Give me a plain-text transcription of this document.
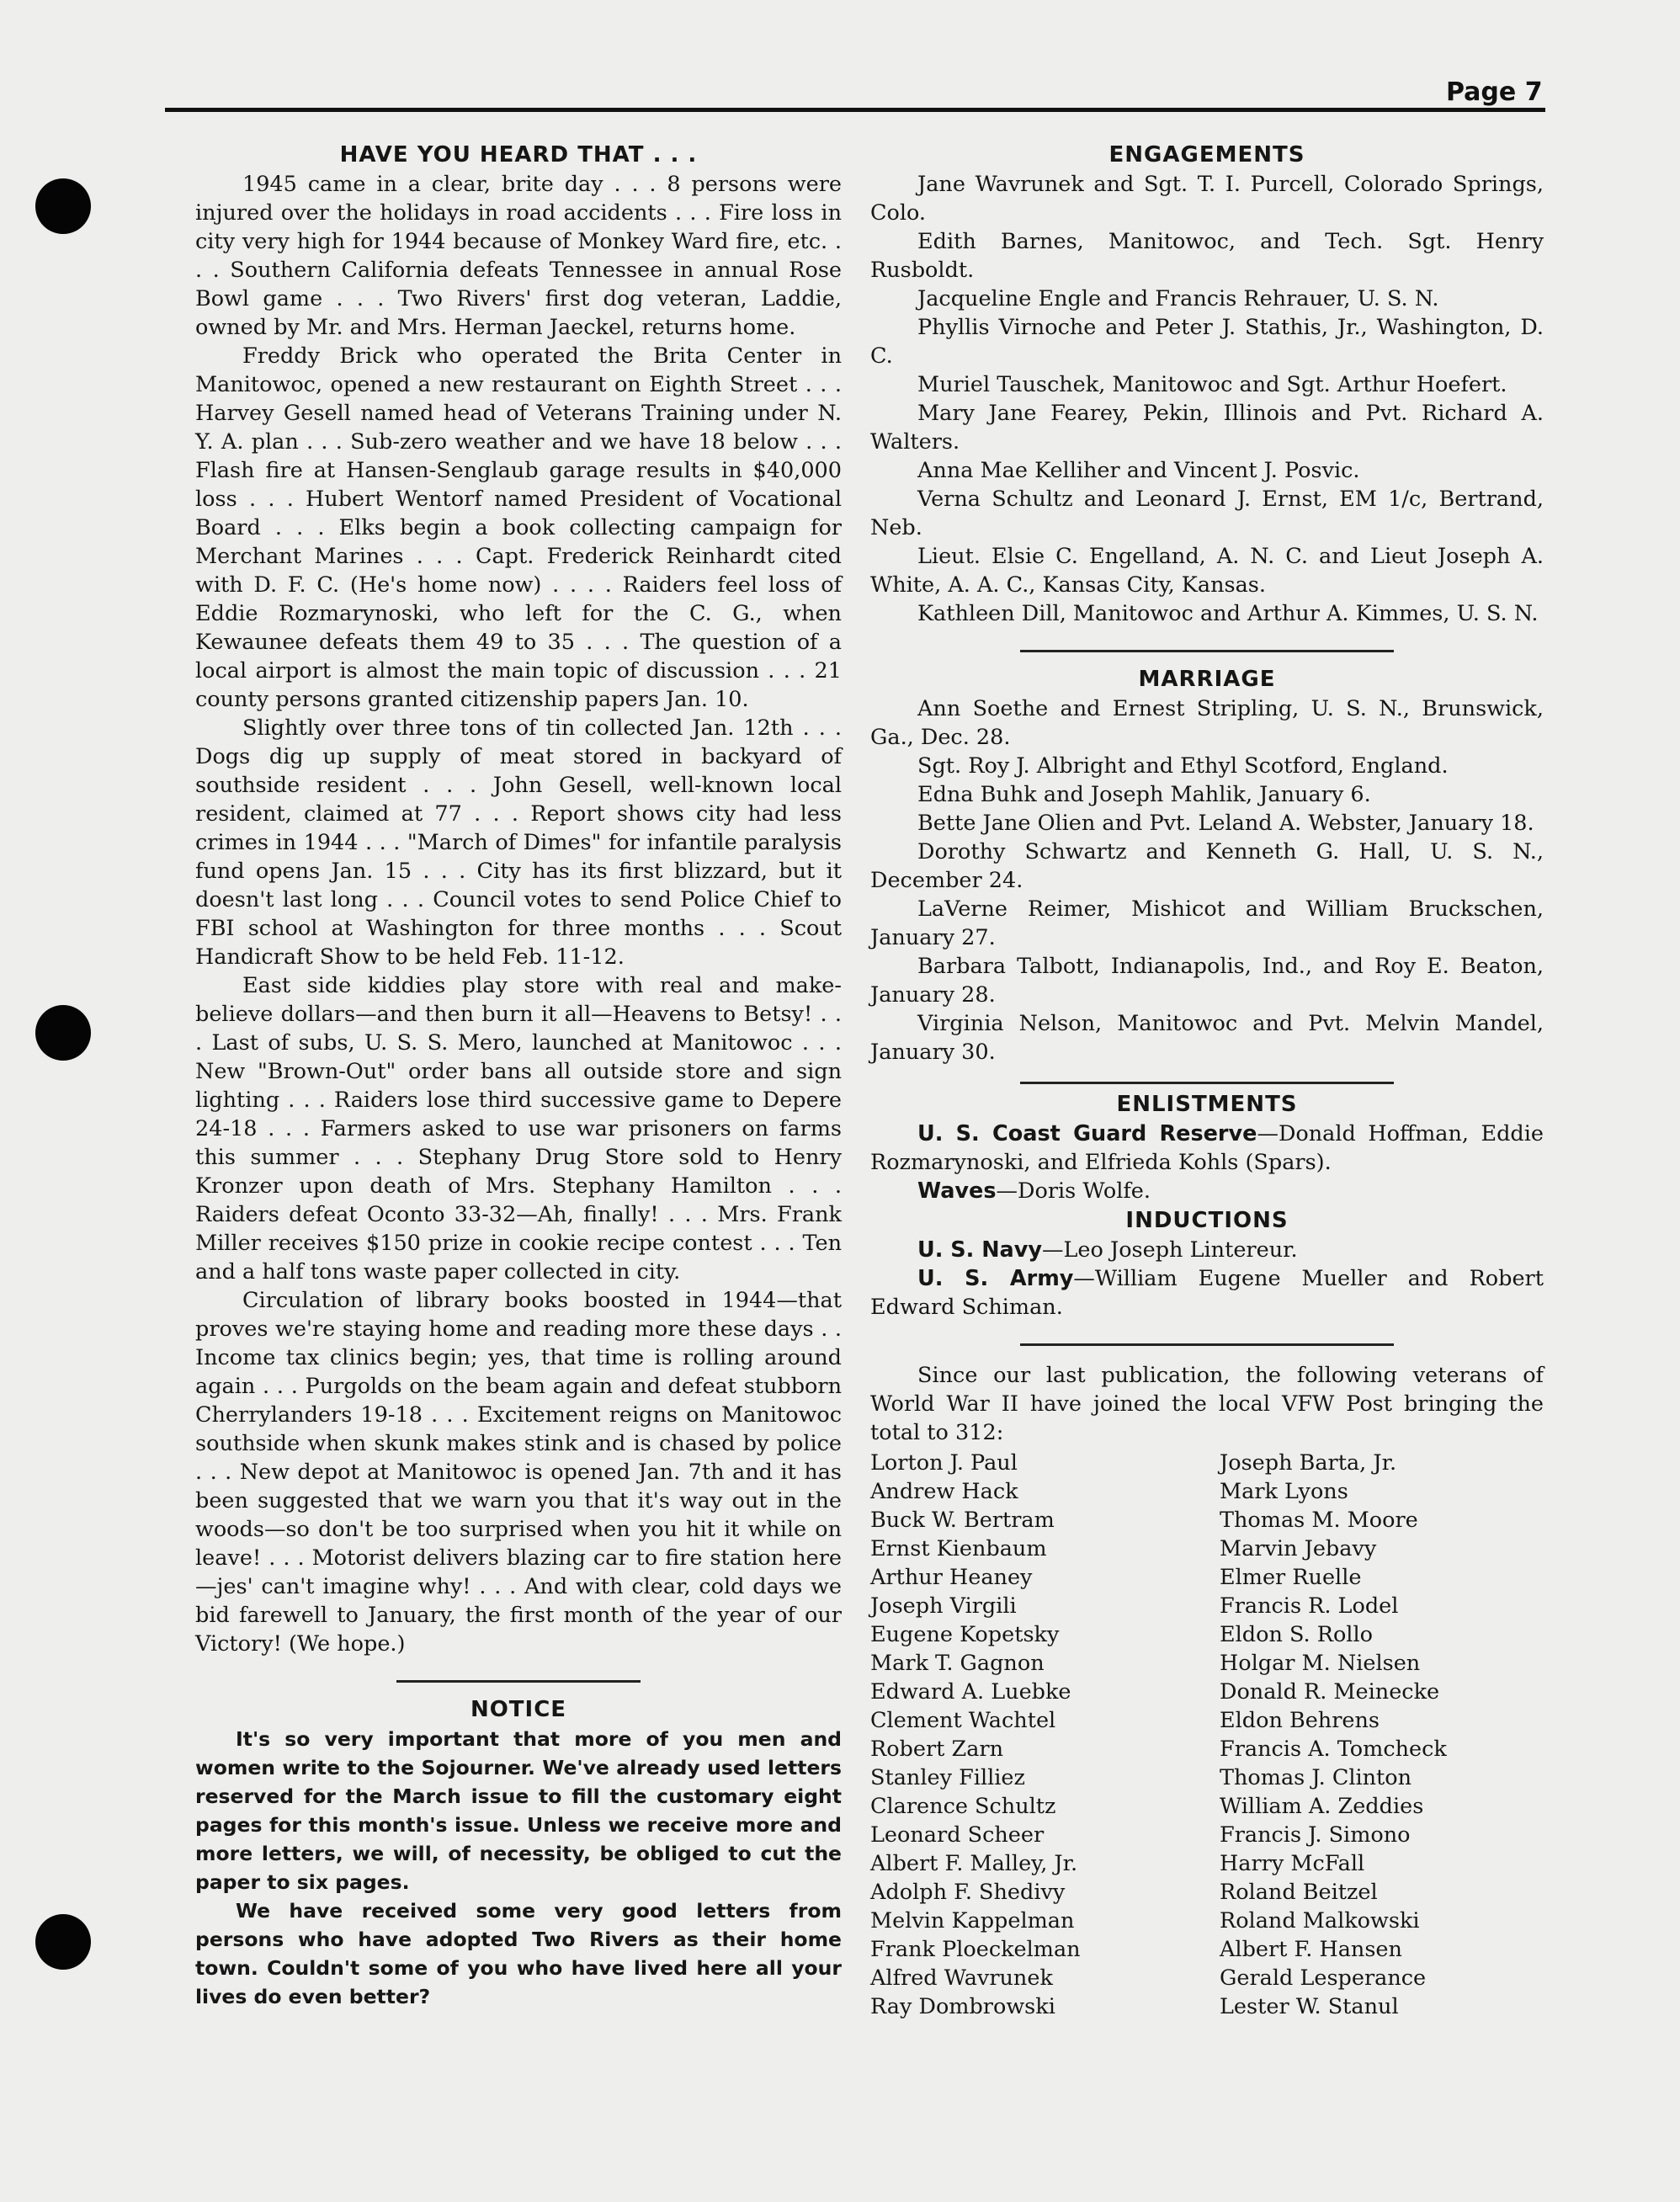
Page 7
HAVE YOU HEARD THAT . . .

1945 came in a clear, brite day . . . 8 persons were injured over the holidays in road accidents . . . Fire loss in city very high for 1944 because of Monkey Ward fire, etc. . . . Southern California defeats Tennessee in annual Rose Bowl game . . . Two Rivers' first dog veteran, Laddie, owned by Mr. and Mrs. Herman Jaeckel, returns home.

Freddy Brick who operated the Brita Center in Manitowoc, opened a new restaurant on Eighth Street . . . Harvey Gesell named head of Veterans Training under N. Y. A. plan . . . Sub-zero weather and we have 18 below . . . Flash fire at Hansen-Senglaub garage results in $40,000 loss . . . Hubert Wentorf named President of Vocational Board . . . Elks begin a book collecting campaign for Merchant Marines . . . Capt. Frederick Reinhardt cited with D. F. C. (He's home now) . . . . Raiders feel loss of Eddie Rozmarynoski, who left for the C. G., when Kewaunee defeats them 49 to 35 . . . The question of a local airport is almost the main topic of discussion . . . 21 county persons granted citizenship papers Jan. 10.

Slightly over three tons of tin collected Jan. 12th . . . Dogs dig up supply of meat stored in backyard of southside resident . . . John Gesell, well-known local resident, claimed at 77 . . . Report shows city had less crimes in 1944 . . . "March of Dimes" for infantile paralysis fund opens Jan. 15 . . . City has its first blizzard, but it doesn't last long . . . Council votes to send Police Chief to FBI school at Washington for three months . . . Scout Handicraft Show to be held Feb. 11-12.

East side kiddies play store with real and make-believe dollars—and then burn it all—Heavens to Betsy! . . . Last of subs, U. S. S. Mero, launched at Manitowoc . . . New "Brown-Out" order bans all outside store and sign lighting . . . Raiders lose third successive game to Depere 24-18 . . . Farmers asked to use war prisoners on farms this summer . . . Stephany Drug Store sold to Henry Kronzer upon death of Mrs. Stephany Hamilton . . . Raiders defeat Oconto 33-32—Ah, finally! . . . Mrs. Frank Miller receives $150 prize in cookie recipe contest . . . Ten and a half tons waste paper collected in city.

Circulation of library books boosted in 1944—that proves we're staying home and reading more these days . . Income tax clinics begin; yes, that time is rolling around again . . . Purgolds on the beam again and defeat stubborn Cherrylanders 19-18 . . . Excitement reigns on Manitowoc southside when skunk makes stink and is chased by police . . . New depot at Manitowoc is opened Jan. 7th and it has been suggested that we warn you that it's way out in the woods—so don't be too surprised when you hit it while on leave! . . . Motorist delivers blazing car to fire station here—jes' can't imagine why! . . . And with clear, cold days we bid farewell to January, the first month of the year of our Victory! (We hope.)

NOTICE

It's so very important that more of you men and women write to the Sojourner. We've already used letters reserved for the March issue to fill the customary eight pages for this month's issue. Unless we receive more and more letters, we will, of necessity, be obliged to cut the paper to six pages.

We have received some very good letters from persons who have adopted Two Rivers as their home town. Couldn't some of you who have lived here all your lives do even better?

ENGAGEMENTS

Jane Wavrunek and Sgt. T. I. Purcell, Colorado Springs, Colo.

Edith Barnes, Manitowoc, and Tech. Sgt. Henry Rusboldt.

Jacqueline Engle and Francis Rehrauer, U. S. N.

Phyllis Virnoche and Peter J. Stathis, Jr., Washington, D. C.

Muriel Tauschek, Manitowoc and Sgt. Arthur Hoefert.

Mary Jane Fearey, Pekin, Illinois and Pvt. Richard A. Walters.

Anna Mae Kelliher and Vincent J. Posvic.

Verna Schultz and Leonard J. Ernst, EM 1/c, Bertrand, Neb.

Lieut. Elsie C. Engelland, A. N. C. and Lieut Joseph A. White, A. A. C., Kansas City, Kansas.

Kathleen Dill, Manitowoc and Arthur A. Kimmes, U. S. N.

MARRIAGE

Ann Soethe and Ernest Stripling, U. S. N., Brunswick, Ga., Dec. 28.

Sgt. Roy J. Albright and Ethyl Scotford, England.

Edna Buhk and Joseph Mahlik, January 6.

Bette Jane Olien and Pvt. Leland A. Webster, January 18.

Dorothy Schwartz and Kenneth G. Hall, U. S. N., December 24.

LaVerne Reimer, Mishicot and William Bruckschen, January 27.

Barbara Talbott, Indianapolis, Ind., and Roy E. Beaton, January 28.

Virginia Nelson, Manitowoc and Pvt. Melvin Mandel, January 30.

ENLISTMENTS

U. S. Coast Guard Reserve—Donald Hoffman, Eddie Rozmarynoski, and Elfrieda Kohls (Spars).

Waves—Doris Wolfe.

INDUCTIONS

U. S. Navy—Leo Joseph Lintereur.

U. S. Army—William Eugene Mueller and Robert Edward Schiman.

Since our last publication, the following veterans of World War II have joined the local VFW Post bringing the total to 312:

Lorton J. Paul
Andrew Hack
Buck W. Bertram
Ernst Kienbaum
Arthur Heaney
Joseph Virgili
Eugene Kopetsky
Mark T. Gagnon
Edward A. Luebke
Clement Wachtel
Robert Zarn
Stanley Filliez
Clarence Schultz
Leonard Scheer
Albert F. Malley, Jr.
Adolph F. Shedivy
Melvin Kappelman
Frank Ploeckelman
Alfred Wavrunek
Ray Dombrowski
Joseph Barta, Jr.
Mark Lyons
Thomas M. Moore
Marvin Jebavy
Elmer Ruelle
Francis R. Lodel
Eldon S. Rollo
Holgar M. Nielsen
Donald R. Meinecke
Eldon Behrens
Francis A. Tomcheck
Thomas J. Clinton
William A. Zeddies
Francis J. Simono
Harry McFall
Roland Beitzel
Roland Malkowski
Albert F. Hansen
Gerald Lesperance
Lester W. Stanul
